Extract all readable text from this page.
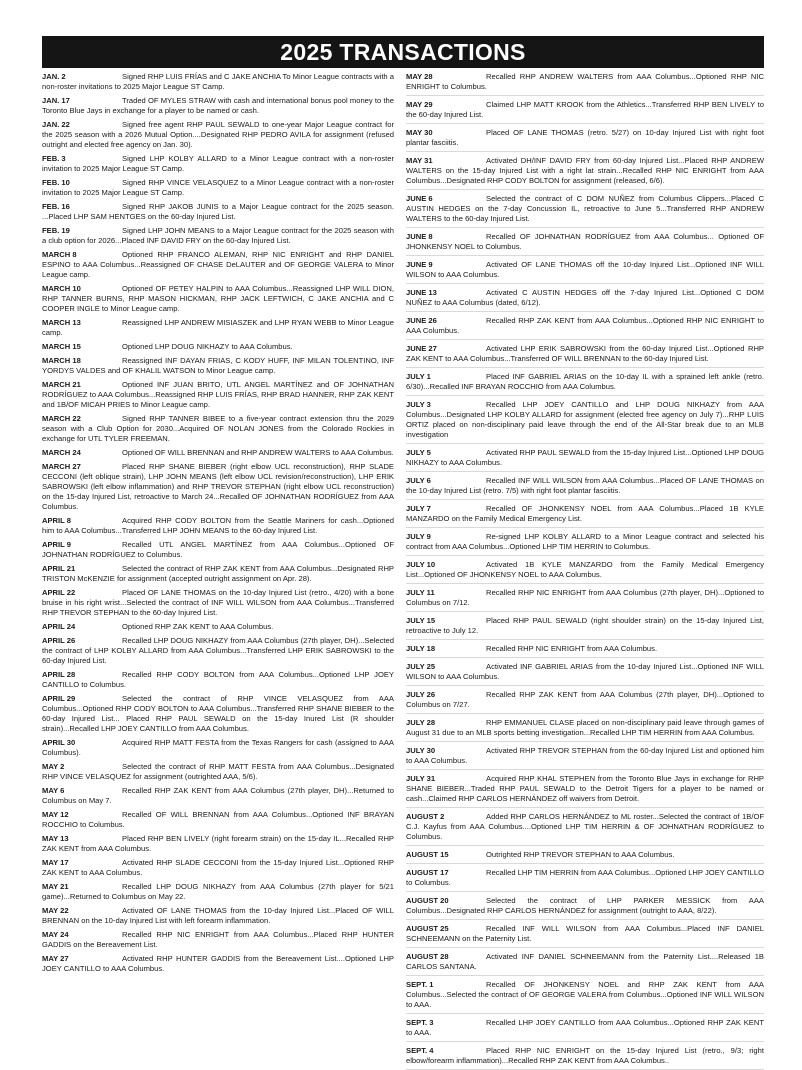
2025 TRANSACTIONS
JAN. 2	Signed RHP LUIS FRÍAS and C JAKE ANCHIA To Minor League contracts with a non-roster invitations to 2025 Major League ST Camp.
JAN. 17	Traded OF MYLES STRAW with cash and international bonus pool money to the Toronto Blue Jays in exchange for a player to be named or cash.
JAN. 22	Signed free agent RHP PAUL SEWALD to one-year Major League contract for the 2025 season with a 2026 Mutual Option....Designated RHP PEDRO AVILA for assignment (refused outright and elected free agency on Jan. 30).
FEB. 3	Signed LHP KOLBY ALLARD to a Minor League contract with a non-roster invitation to 2025 Major League ST Camp.
FEB. 10	Signed RHP VINCE VELASQUEZ to a Minor League contract with a non-roster invitation to 2025 Major League ST Camp.
FEB. 16	Signed RHP JAKOB JUNIS to a Major League contract for the 2025 season. ...Placed LHP SAM HENTGES on the 60-day Injured List.
FEB. 19	Signed LHP JOHN MEANS to a Major League contract for the 2025 season with a club option for 2026...Placed INF DAVID FRY on the 60-day Injured List.
MARCH 8	Optioned RHP FRANCO ALEMAN, RHP NIC ENRIGHT and RHP DANIEL ESPINO to AAA Columbus...Reassigned OF CHASE DeLAUTER and OF GEORGE VALERA to Minor League camp.
MARCH 10	Optioned OF PETEY HALPIN to AAA Columbus...Reassigned LHP WILL DION, RHP TANNER BURNS, RHP MASON HICKMAN, RHP JACK LEFTWICH, C JAKE ANCHIA and C COOPER INGLE to Minor League camp.
MARCH 13	Reassigned LHP ANDREW MISIASZEK and LHP RYAN WEBB to Minor League camp.
MARCH 15	Optioned LHP DOUG NIKHAZY to AAA Columbus.
MARCH 18	Reassigned INF DAYAN FRIAS, C KODY HUFF, INF MILAN TOLENTINO, INF YORDYS VALDES and OF KHALIL WATSON to Minor League camp.
MARCH 21	Optioned INF JUAN BRITO, UTL ANGEL MARTÍNEZ and OF JOHNATHAN RODRÍGUEZ to AAA Columbus...Reassigned RHP LUIS FRÍAS, RHP BRAD HANNER, RHP ZAK KENT and 1B/OF MICAH PRIES to Minor League camp.
MARCH 22	Signed RHP TANNER BIBEE to a five-year contract extension thru the 2029 season with a Club Option for 2030...Acquired OF NOLAN JONES from the Colorado Rockies in exchange for UTL TYLER FREEMAN.
MARCH 24	Optioned OF WILL BRENNAN and RHP ANDREW WALTERS to AAA Columbus.
MARCH 27	Placed RHP SHANE BIEBER (right elbow UCL reconstruction), RHP SLADE CECCONI (left oblique strain), LHP JOHN MEANS (left elbow UCL revision/reconstruction), LHP ERIK SABROWSKI (left elbow inflammation) and RHP TREVOR STEPHAN (right elbow UCL reconstruction) on the 15-day Injured List, retroactive to March 24...Recalled OF JOHNATHAN RODRÍGUEZ from AAA Columbus.
APRIL 8	Acquired RHP CODY BOLTON from the Seattle Mariners for cash...Optioned him to AAA Columbus...Transferred LHP JOHN MEANS to the 60-day Injured List.
APRIL 9	Recalled UTL ANGEL MARTÍNEZ from AAA Columbus...Optioned OF JOHNATHAN RODRÍGUEZ to Columbus.
APRIL 21	Selected the contract of RHP ZAK KENT from AAA Columbus...Designated RHP TRISTON McKENZIE for assignment (accepted outright assignment on Apr. 28).
APRIL 22	Placed OF LANE THOMAS on the 10-day Injured List (retro., 4/20) with a bone bruise in his right wrist...Selected the contract of INF WILL WILSON from AAA Columbus...Transferred RHP TREVOR STEPHAN to the 60-day Injured List.
APRIL 24	Optioned RHP ZAK KENT to AAA Columbus.
APRIL 26	Recalled LHP DOUG NIKHAZY from AAA Columbus (27th player, DH)...Selected the contract of LHP KOLBY ALLARD from AAA Columbus...Transferred LHP ERIK SABROWSKI to the 60-day Injured List.
APRIL 28	Recalled RHP CODY BOLTON from AAA Columbus...Optioned LHP JOEY CANTILLO to Columbus.
APRIL 29	Selected the contract of RHP VINCE VELASQUEZ from AAA Columbus...Optioned RHP CODY BOLTON to AAA Columbus...Transferred RHP SHANE BIEBER to the 60-day Injured List... Placed RHP PAUL SEWALD on the 15-day Inured List (R shoulder strain)...Recalled LHP JOEY CANTILLO from AAA Columbus.
APRIL 30	Acquired RHP MATT FESTA from the Texas Rangers for cash (assigned to AAA Columbus).
MAY 2	Selected the contract of RHP MATT FESTA from AAA Columbus...Designated RHP VINCE VELASQUEZ for assignment (outrighted AAA, 5/6).
MAY 6	Recalled RHP ZAK KENT from AAA Columbus (27th player, DH)...Returned to Columbus on May 7.
MAY 12	Recalled OF WILL BRENNAN from AAA Columbus...Optioned INF BRAYAN ROCCHIO to Columbus.
MAY 13	Placed RHP BEN LIVELY (right forearm strain) on the 15-day IL...Recalled RHP ZAK KENT from AAA Columbus.
MAY 17	Activated RHP SLADE CECCONI from the 15-day Injured List...Optioned RHP ZAK KENT to AAA Columbus.
MAY 21	Recalled LHP DOUG NIKHAZY from AAA Columbus (27th player for 5/21 game)...Returned to Columbus on May 22.
MAY 22	Activated OF LANE THOMAS from the 10-day Injured List...Placed OF WILL BRENNAN on the 10-day Injured List with left forearm inflammation.
MAY 24	Recalled RHP NIC ENRIGHT from AAA Columbus...Placed RHP HUNTER GADDIS on the Bereavement List.
MAY 27	Activated RHP HUNTER GADDIS from the Bereavement List....Optioned LHP JOEY CANTILLO to AAA Columbus.
MAY 28	Recalled RHP ANDREW WALTERS from AAA Columbus...Optioned RHP NIC ENRIGHT to Columbus.
MAY 29	Claimed LHP MATT KROOK from the Athletics...Transferred RHP BEN LIVELY to the 60-day Injured List.
MAY 30	Placed OF LANE THOMAS (retro. 5/27) on 10-day Injured List with right foot plantar fasciitis.
MAY 31	Activated DH/INF DAVID FRY from 60-day Injured List...Placed RHP ANDREW WALTERS on the 15-day Injured List with a right lat strain...Recalled RHP NIC ENRIGHT from AAA Columbus...Designated RHP CODY BOLTON for assignment (released, 6/6).
JUNE 6	Selected the contract of C DOM NUÑEZ from Columbus Clippers...Placed C AUSTIN HEDGES on the 7-day Concussion IL, retroactive to June 5...Transferred RHP ANDREW WALTERS to the 60-day Injured List.
JUNE 8	Recalled OF JOHNATHAN RODRÍGUEZ from AAA Columbus... Optioned OF JHONKENSY NOEL to Columbus.
JUNE 9	Activated OF LANE THOMAS off the 10-day Injured List...Optioned INF WILL WILSON to AAA Columbus.
JUNE 13	Activated C AUSTIN HEDGES off the 7-day Injured List...Optioned C DOM NUÑEZ to AAA Columbus (dated, 6/12).
JUNE 26	Recalled RHP ZAK KENT from AAA Columbus...Optioned RHP NIC ENRIGHT to AAA Columbus.
JUNE 27	Activated LHP ERIK SABROWSKI from the 60-day Injured List...Optioned RHP ZAK KENT to AAA Columbus...Transferred OF WILL BRENNAN to the 60-day Injured List.
JULY 1	Placed INF GABRIEL ARIAS on the 10-day IL with a sprained left ankle (retro. 6/30)...Recalled INF BRAYAN ROCCHIO from AAA Columbus.
JULY 3	Recalled LHP JOEY CANTILLO and LHP DOUG NIKHAZY from AAA Columbus...Designated LHP KOLBY ALLARD for assignment (elected free agency on July 7)...RHP LUIS ORTIZ placed on non-disciplinary paid leave through the end of the All-Star break due to an MLB investigation
JULY 5	Activated RHP PAUL SEWALD from the 15-day Injured List...Optioned LHP DOUG NIKHAZY to AAA Columbus.
JULY 6	Recalled INF WILL WILSON from AAA Columbus...Placed OF LANE THOMAS on the 10-day Injured List (retro. 7/5) with right foot plantar fasciitis.
JULY 7	Recalled OF JHONKENSY NOEL from AAA Columbus...Placed 1B KYLE MANZARDO on the Family Medical Emergency List.
JULY 9	Re-signed LHP KOLBY ALLARD to a Minor League contract and selected his contract from AAA Columbus...Optioned LHP TIM HERRIN to Columbus.
JULY 10	Activated 1B KYLE MANZARDO from the Family Medical Emergency List...Optioned OF JHONKENSY NOEL to AAA Columbus.
JULY 11	Recalled RHP NIC ENRIGHT from AAA Columbus (27th player, DH)...Optioned to Columbus on 7/12.
JULY 15	Placed RHP PAUL SEWALD (right shoulder strain) on the 15-day Injured List, retroactive to July 12.
JULY 18	Recalled RHP NIC ENRIGHT from AAA Columbus.
JULY 25	Activated INF GABRIEL ARIAS from the 10-day Injured List...Optioned INF WILL WILSON to AAA Columbus.
JULY 26	Recalled RHP ZAK KENT from AAA Columbus (27th player, DH)...Optioned to Columbus on 7/27.
JULY 28	RHP EMMANUEL CLASE placed on non-disciplinary paid leave through games of August 31 due to an MLB sports betting investigation...Recalled LHP TIM HERRIN from AAA Columbus.
JULY 30	Activated RHP TREVOR STEPHAN from the 60-day Injured List and optioned him to AAA Columbus.
JULY 31	Acquired RHP KHAL STEPHEN from the Toronto Blue Jays in exchange for RHP SHANE BIEBER...Traded RHP PAUL SEWALD to the Detroit Tigers for a player to be named or cash...Claimed RHP CARLOS HERNÁNDEZ off waivers from Detroit.
AUGUST 2	Added RHP CARLOS HERNÁNDEZ to ML roster...Selected the contract of 1B/OF C.J. Kayfus from AAA Columbus....Optioned LHP TIM HERRIN & OF JOHNATHAN RODRÍGUEZ to Columbus.
AUGUST 15	Outrighted RHP TREVOR STEPHAN to AAA Columbus.
AUGUST 17	Recalled LHP TIM HERRIN from AAA Columbus...Optioned LHP JOEY CANTILLO to Columbus.
AUGUST 20	Selected the contract of LHP PARKER MESSICK from AAA Columbus...Designated RHP CARLOS HERNÁNDEZ for assignment (outright to AAA, 8/22).
AUGUST 25	Recalled INF WILL WILSON from AAA Columbus...Placed INF DANIEL SCHNEEMANN on the Paternity List.
AUGUST 28	Activated INF DANIEL SCHNEEMANN from the Paternity List....Released 1B CARLOS SANTANA.
SEPT. 1	Recalled OF JHONKENSY NOEL and RHP ZAK KENT from AAA Columbus...Selected the contract of OF GEORGE VALERA from Columbus...Optioned INF WILL WILSON to AAA.
SEPT. 3	Recalled LHP JOEY CANTILLO from AAA Columbus...Optioned RHP ZAK KENT to AAA.
SEPT. 4	Placed RHP NIC ENRIGHT on the 15-day Injured List (retro., 9/3; right elbow/forearm inflammation)...Recalled RHP ZAK KENT from AAA Columbus..
